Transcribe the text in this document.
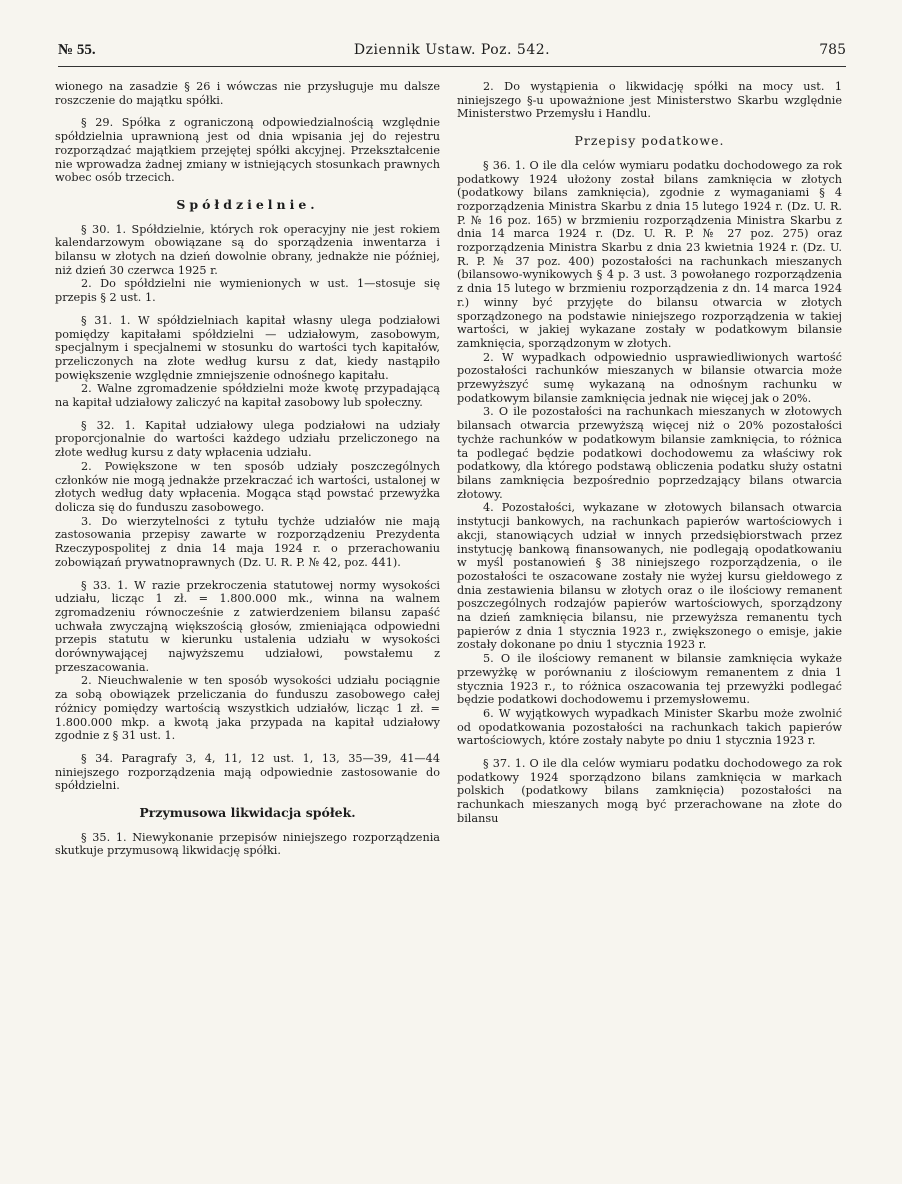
№ 55.	Dziennik Ustaw. Poz. 542.	785

wionego na zasadzie § 26 i wówczas nie przysługuje mu dalsze roszczenie do majątku spółki.

§ 29. Spółka z ograniczoną odpowiedzialnością względnie spółdzielnia uprawnioną jest od dnia wpisania jej do rejestru rozporządzać majątkiem przejętej spółki akcyjnej. Przekształcenie nie wprowadza żadnej zmiany w istniejących stosunkach prawnych wobec osób trzecich.

Spółdzielnie.

§ 30. 1. Spółdzielnie, których rok operacyjny nie jest rokiem kalendarzowym obowiązane są do sporządzenia inwentarza i bilansu w złotych na dzień dowolnie obrany, jednakże nie później, niż dzień 30 czerwca 1925 r.

2. Do spółdzielni nie wymienionych w ust. 1—stosuje się przepis § 2 ust. 1.

§ 31. 1. W spółdzielniach kapitał własny ulega podziałowi pomiędzy kapitałami spółdzielni — udziałowym, zasobowym, specjalnym i specjalnemi w stosunku do wartości tych kapitałów, przeliczonych na złote według kursu z dat, kiedy nastąpiło powiększenie względnie zmniejszenie odnośnego kapitału.

2. Walne zgromadzenie spółdzielni może kwotę przypadającą na kapitał udziałowy zaliczyć na kapitał zasobowy lub społeczny.

§ 32. 1. Kapitał udziałowy ulega podziałowi na udziały proporcjonalnie do wartości każdego udziału przeliczonego na złote według kursu z daty wpłacenia udziału.

2. Powiększone w ten sposób udziały poszczególnych członków nie mogą jednakże przekraczać ich wartości, ustalonej w złotych według daty wpłacenia. Mogąca stąd powstać przewyżka dolicza się do funduszu zasobowego.

3. Do wierzytelności z tytułu tychże udziałów nie mają zastosowania przepisy zawarte w rozporządzeniu Prezydenta Rzeczypospolitej z dnia 14 maja 1924 r. o przerachowaniu zobowiązań prywatnoprawnych (Dz. U. R. P. № 42, poz. 441).

§ 33. 1. W razie przekroczenia statutowej normy wysokości udziału, licząc 1 zł. = 1.800.000 mk., winna na walnem zgromadzeniu równocześnie z zatwierdzeniem bilansu zapaść uchwała zwyczajną większością głosów, zmieniająca odpowiedni przepis statutu w kierunku ustalenia udziału w wysokości dorównywającej najwyższemu udziałowi, powstałemu z przeszacowania.

2. Nieuchwalenie w ten sposób wysokości udziału pociągnie za sobą obowiązek przeliczania do funduszu zasobowego całej różnicy pomiędzy wartością wszystkich udziałów, licząc 1 zł. = 1.800.000 mkp. a kwotą jaka przypada na kapitał udziałowy zgodnie z § 31 ust. 1.

§ 34. Paragrafy 3, 4, 11, 12 ust. 1, 13, 35—39, 41—44 niniejszego rozporządzenia mają odpowiednie zastosowanie do spółdzielni.

Przymusowa likwidacja spółek.

§ 35. 1. Niewykonanie przepisów niniejszego rozporządzenia skutkuje przymusową likwidację spółki.

2. Do wystąpienia o likwidację spółki na mocy ust. 1 niniejszego §-u upoważnione jest Ministerstwo Skarbu względnie Ministerstwo Przemysłu i Handlu.

Przepisy podatkowe.

§ 36. 1. O ile dla celów wymiaru podatku dochodowego za rok podatkowy 1924 ułożony został bilans zamknięcia w złotych (podatkowy bilans zamknięcia), zgodnie z wymaganiami § 4 rozporządzenia Ministra Skarbu z dnia 15 lutego 1924 r. (Dz. U. R. P. № 16 poz. 165) w brzmieniu rozporządzenia Ministra Skarbu z dnia 14 marca 1924 r. (Dz. U. R. P. № 27 poz. 275) oraz rozporządzenia Ministra Skarbu z dnia 23 kwietnia 1924 r. (Dz. U. R. P. № 37 poz. 400) pozostałości na rachunkach mieszanych (bilansowo-wynikowych § 4 p. 3 ust. 3 powołanego rozporządzenia z dnia 15 lutego w brzmieniu rozporządzenia z dn. 14 marca 1924 r.) winny być przyjęte do bilansu otwarcia w złotych sporządzonego na podstawie niniejszego rozporządzenia w takiej wartości, w jakiej wykazane zostały w podatkowym bilansie zamknięcia, sporządzonym w złotych.

2. W wypadkach odpowiednio usprawiedliwionych wartość pozostałości rachunków mieszanych w bilansie otwarcia może przewyższyć sumę wykazaną na odnośnym rachunku w podatkowym bilansie zamknięcia jednak nie więcej jak o 20%.

3. O ile pozostałości na rachunkach mieszanych w złotowych bilansach otwarcia przewyższą więcej niż o 20% pozostałości tychże rachunków w podatkowym bilansie zamknięcia, to różnica ta podlegać będzie podatkowi dochodowemu za właściwy rok podatkowy, dla którego podstawą obliczenia podatku służy ostatni bilans zamknięcia bezpośrednio poprzedzający bilans otwarcia złotowy.

4. Pozostałości, wykazane w złotowych bilansach otwarcia instytucji bankowych, na rachunkach papierów wartościowych i akcji, stanowiących udział w innych przedsiębiorstwach przez instytucję bankową finansowanych, nie podlegają opodatkowaniu w myśl postanowień § 38 niniejszego rozporządzenia, o ile pozostałości te oszacowane zostały nie wyżej kursu giełdowego z dnia zestawienia bilansu w złotych oraz o ile ilościowy remanent poszczególnych rodzajów papierów wartościowych, sporządzony na dzień zamknięcia bilansu, nie przewyższa remanentu tych papierów z dnia 1 stycznia 1923 r., zwiększonego o emisje, jakie zostały dokonane po dniu 1 stycznia 1923 r.

5. O ile ilościowy remanent w bilansie zamknięcia wykaże przewyżkę w porównaniu z ilościowym remanentem z dnia 1 stycznia 1923 r., to różnica oszacowania tej przewyżki podlegać będzie podatkowi dochodowemu i przemysłowemu.

6. W wyjątkowych wypadkach Minister Skarbu może zwolnić od opodatkowania pozostałości na rachunkach takich papierów wartościowych, które zostały nabyte po dniu 1 stycznia 1923 r.

§ 37. 1. O ile dla celów wymiaru podatku dochodowego za rok podatkowy 1924 sporządzono bilans zamknięcia w markach polskich (podatkowy bilans zamknięcia) pozostałości na rachunkach mieszanych mogą być przerachowane na złote do bilansu
